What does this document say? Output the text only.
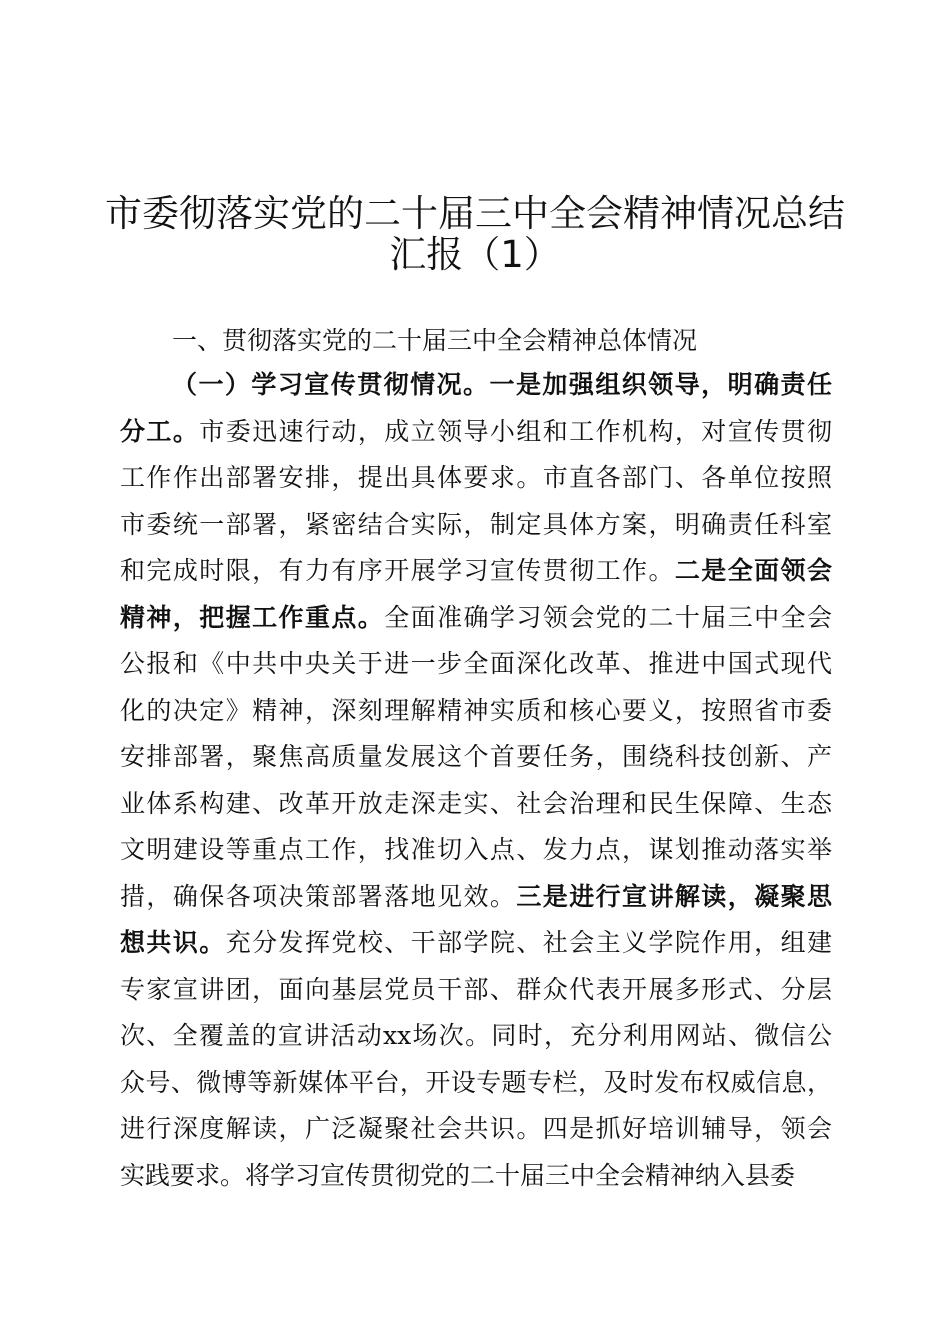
市委彻落实党的二十届三中全会精神情况总结
汇报（1）
一、贯彻落实党的二十届三中全会精神总体情况
（一）学习宣传贯彻情况。一是加强组织领导，明确责任
分工。市委迅速行动，成立领导小组和工作机构，对宣传贯彻
工作作出部署安排，提出具体要求。市直各部门、各单位按照
市委统一部署，紧密结合实际，制定具体方案，明确责任科室
和完成时限，有力有序开展学习宣传贯彻工作。二是全面领会
精神，把握工作重点。全面准确学习领会党的二十届三中全会
公报和《中共中央关于进一步全面深化改革、推进中国式现代
化的决定》精神，深刻理解精神实质和核心要义，按照省市委
安排部署，聚焦高质量发展这个首要任务，围绕科技创新、产
业体系构建、改革开放走深走实、社会治理和民生保障、生态
文明建设等重点工作，找准切入点、发力点，谋划推动落实举
措，确保各项决策部署落地见效。三是进行宣讲解读，凝聚思
想共识。充分发挥党校、干部学院、社会主义学院作用，组建
专家宣讲团，面向基层党员干部、群众代表开展多形式、分层
次、全覆盖的宣讲活动xx场次。同时，充分利用网站、微信公
众号、微博等新媒体平台，开设专题专栏，及时发布权威信息，
进行深度解读，广泛凝聚社会共识。四是抓好培训辅导，领会
实践要求。将学习宣传贯彻党的二十届三中全会精神纳入县委
